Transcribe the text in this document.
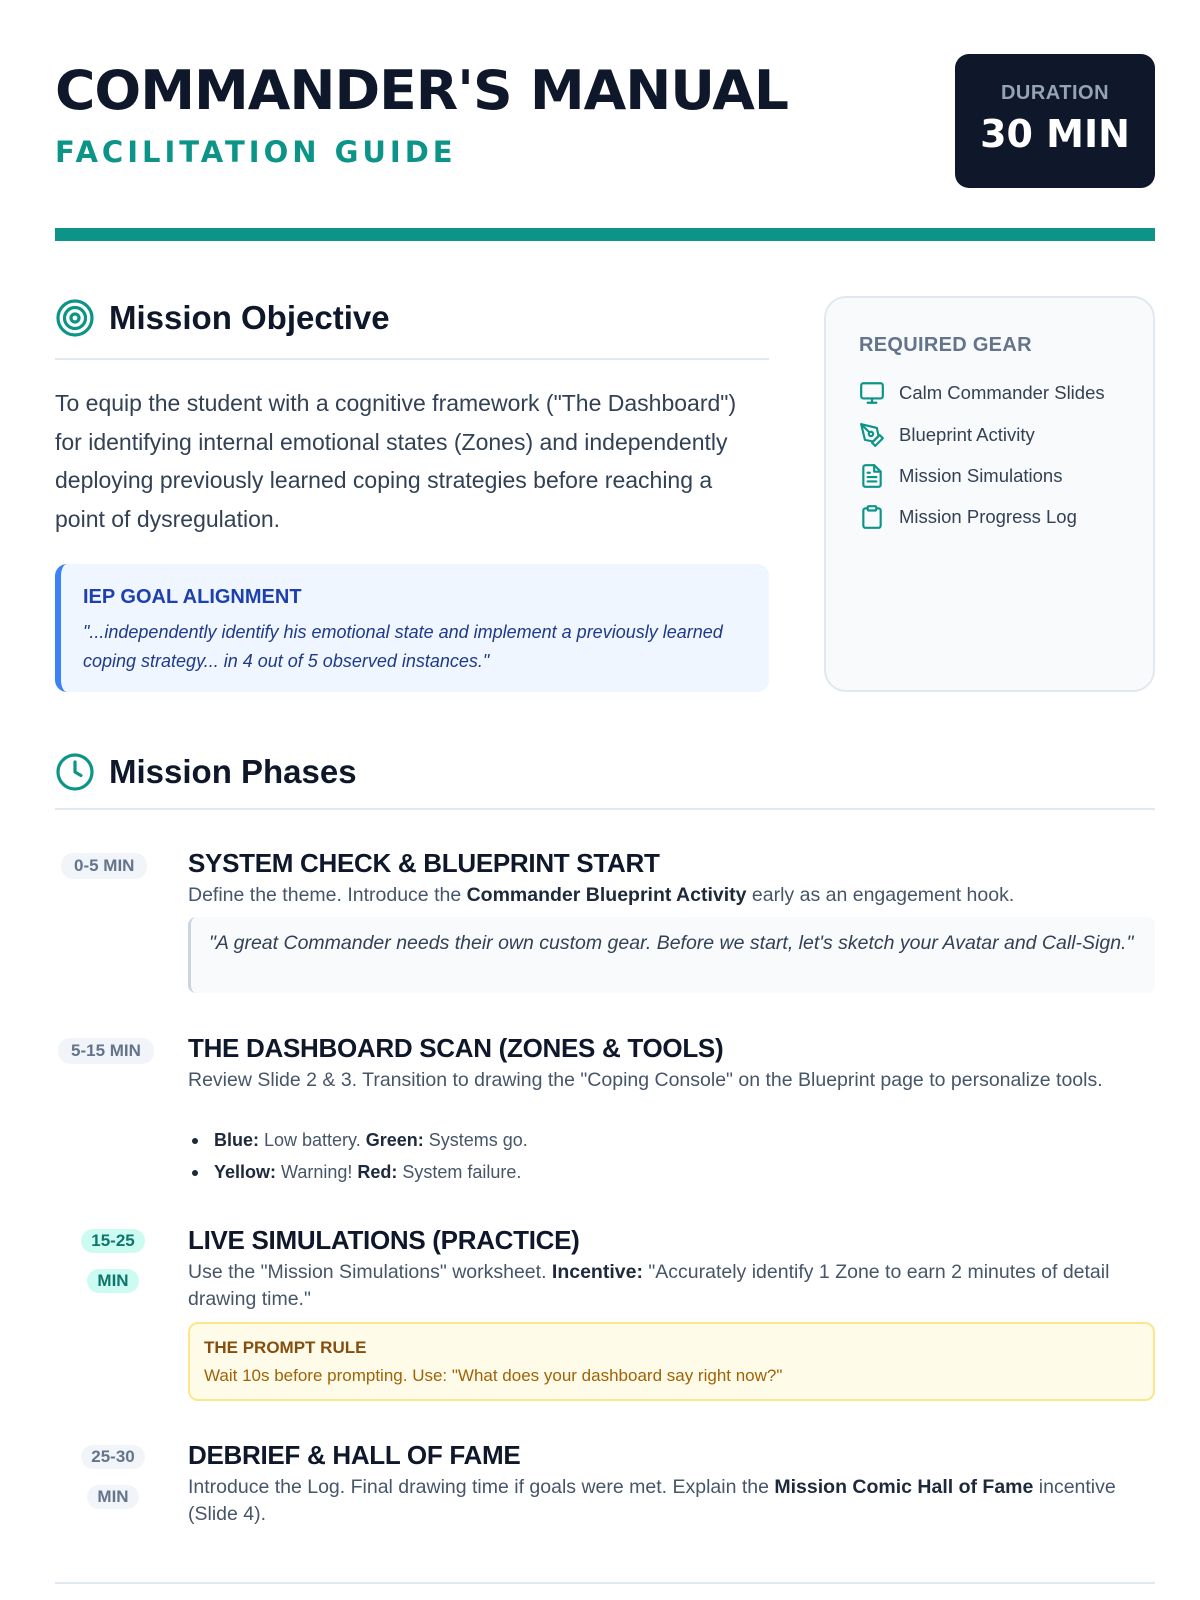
COMMANDER'S MANUAL
FACILITATION GUIDE
DURATION
30 MIN
Mission Objective
To equip the student with a cognitive framework ("The Dashboard") for identifying internal emotional states (Zones) and independently deploying previously learned coping strategies before reaching a point of dysregulation.
IEP GOAL ALIGNMENT
"...independently identify his emotional state and implement a previously learned coping strategy... in 4 out of 5 observed instances."
REQUIRED GEAR
Calm Commander Slides
Blueprint Activity
Mission Simulations
Mission Progress Log
Mission Phases
0-5 MIN	SYSTEM CHECK & BLUEPRINT START
Define the theme. Introduce the Commander Blueprint Activity early as an engagement hook.
"A great Commander needs their own custom gear. Before we start, let's sketch your Avatar and Call-Sign."
5-15 MIN	THE DASHBOARD SCAN (ZONES & TOOLS)
Review Slide 2 & 3. Transition to drawing the "Coping Console" on the Blueprint page to personalize tools.
Blue: Low battery. Green: Systems go.
Yellow: Warning! Red: System failure.
15-25
MIN
LIVE SIMULATIONS (PRACTICE)
Use the "Mission Simulations" worksheet. Incentive: "Accurately identify 1 Zone to earn 2 minutes of detail drawing time."
THE PROMPT RULE
Wait 10s before prompting. Use: "What does your dashboard say right now?"
25-30
MIN
DEBRIEF & HALL OF FAME
Introduce the Log. Final drawing time if goals were met. Explain the Mission Comic Hall of Fame incentive (Slide 4).
